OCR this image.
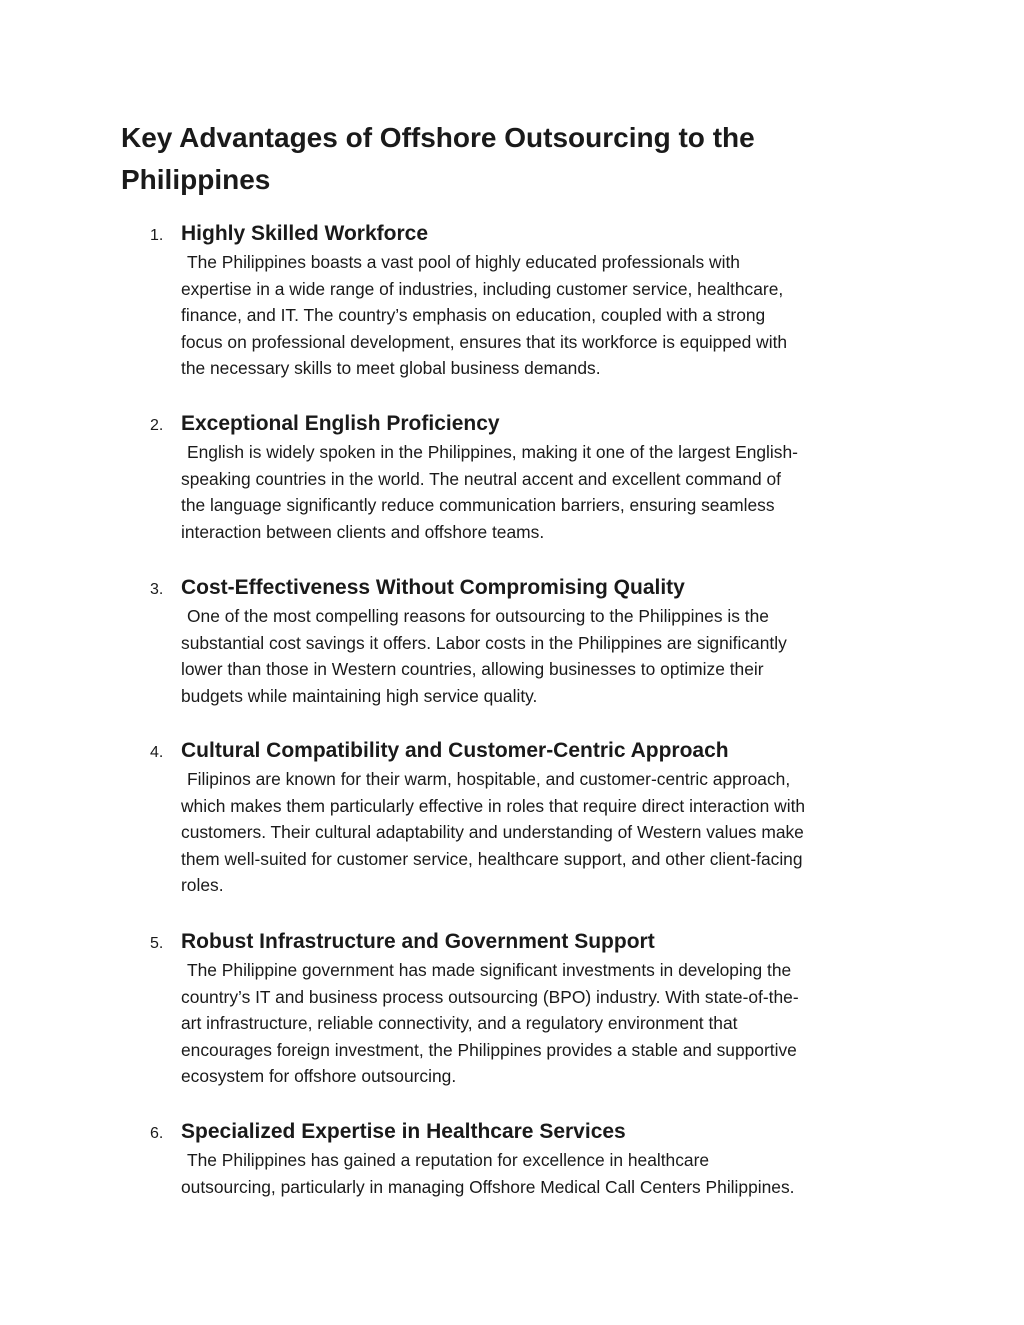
Key Advantages of Offshore Outsourcing to the
Philippines
1. Highly Skilled Workforce

The Philippines boasts a vast pool of highly educated professionals with
expertise in a wide range of industries, including customer service, healthcare,
finance, and IT. The country’s emphasis on education, coupled with a strong
focus on professional development, ensures that its workforce is equipped with
the necessary skills to meet global business demands.

2. Exceptional English Proficiency

English is widely spoken in the Philippines, making it one of the largest English-
speaking countries in the world. The neutral accent and excellent command of
the language significantly reduce communication barriers, ensuring seamless
interaction between clients and offshore teams.

3. Cost-Effectiveness Without Compromising Quality

One of the most compelling reasons for outsourcing to the Philippines is the
substantial cost savings it offers. Labor costs in the Philippines are significantly
lower than those in Western countries, allowing businesses to optimize their
budgets while maintaining high service quality.

4. Cultural Compatibility and Customer-Centric Approach

Filipinos are known for their warm, hospitable, and customer-centric approach,
which makes them particularly effective in roles that require direct interaction with
customers. Their cultural adaptability and understanding of Western values make
them well-suited for customer service, healthcare support, and other client-facing
roles.

5. Robust Infrastructure and Government Support

The Philippine government has made significant investments in developing the
country’s IT and business process outsourcing (BPO) industry. With state-of-the-
art infrastructure, reliable connectivity, and a regulatory environment that
encourages foreign investment, the Philippines provides a stable and supportive
ecosystem for offshore outsourcing.

6. Specialized Expertise in Healthcare Services

The Philippines has gained a reputation for excellence in healthcare
outsourcing, particularly in managing Offshore Medical Call Centers Philippines.
